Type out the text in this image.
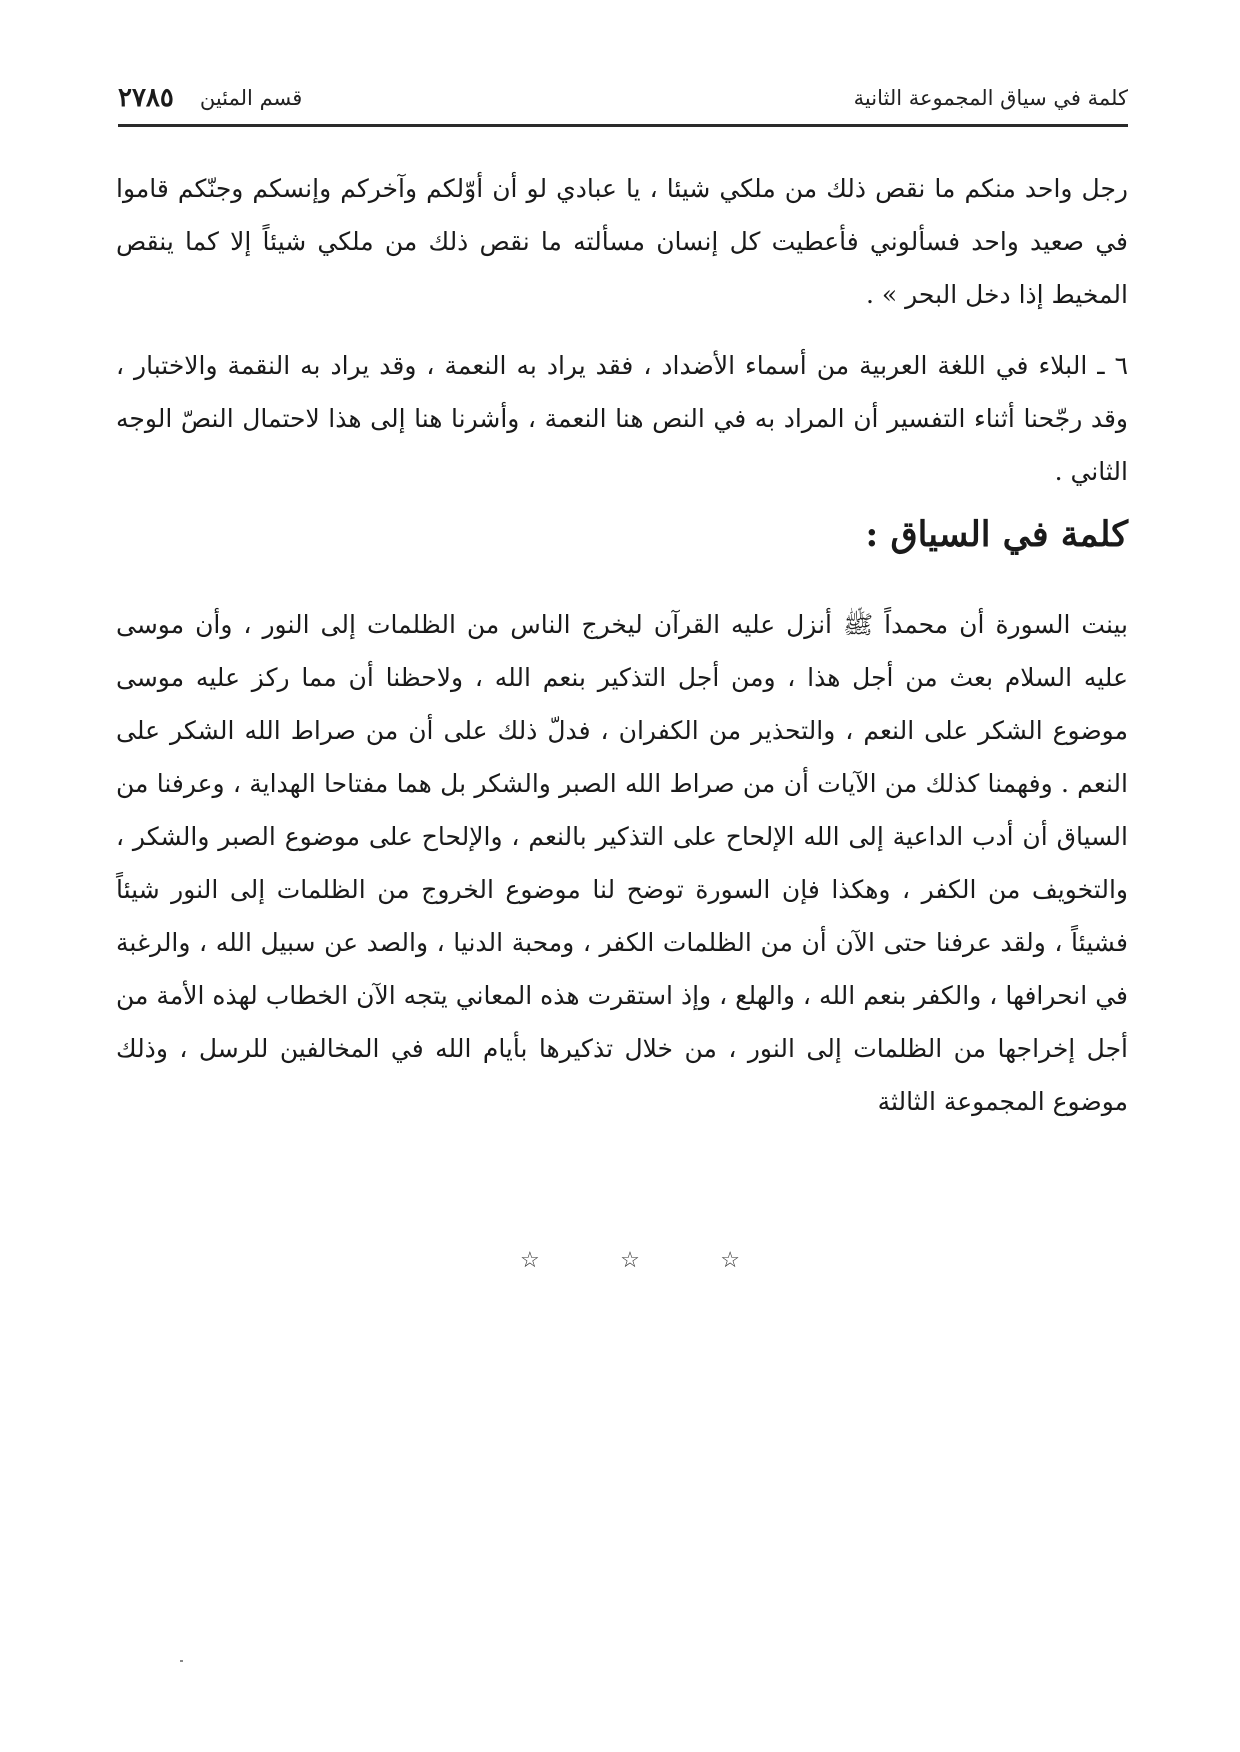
كلمة في سياق المجموعة الثانية
قسم المئين
٢٧٨٥

رجل واحد منكم ما نقص ذلك من ملكي شيئا ، يا عبادي لو أن أوّلكم وآخركم وإنسكم وجنّكم قاموا في صعيد واحد فسألوني فأعطيت كل إنسان مسألته ما نقص ذلك من ملكي شيئاً إلا كما ينقص المخيط إذا دخل البحر » .

٦ ـ البلاء في اللغة العربية من أسماء الأضداد ، فقد يراد به النعمة ، وقد يراد به النقمة والاختبار ، وقد رجّحنا أثناء التفسير أن المراد به في النص هنا النعمة ، وأشرنا هنا إلى هذا لاحتمال النصّ الوجه الثاني .

كلمة في السياق :

بينت السورة أن محمداً ﷺ أنزل عليه القرآن ليخرج الناس من الظلمات إلى النور ، وأن موسى عليه السلام بعث من أجل هذا ، ومن أجل التذكير بنعم الله ، ولاحظنا أن مما ركز عليه موسى موضوع الشكر على النعم ، والتحذير من الكفران ، فدلّ ذلك على أن من صراط الله الشكر على النعم . وفهمنا كذلك من الآيات أن من صراط الله الصبر والشكر بل هما مفتاحا الهداية ، وعرفنا من السياق أن أدب الداعية إلى الله الإلحاح على التذكير بالنعم ، والإلحاح على موضوع الصبر والشكر ، والتخويف من الكفر ، وهكذا فإن السورة توضح لنا موضوع الخروج من الظلمات إلى النور شيئاً فشيئاً ، ولقد عرفنا حتى الآن أن من الظلمات الكفر ، ومحبة الدنيا ، والصد عن سبيل الله ، والرغبة في انحرافها ، والكفر بنعم الله ، والهلع ، وإذ استقرت هذه المعاني يتجه الآن الخطاب لهذه الأمة من أجل إخراجها من الظلمات إلى النور ، من خلال تذكيرها بأيام الله في المخالفين للرسل ، وذلك موضوع المجموعة الثالثة

☆	☆	☆
